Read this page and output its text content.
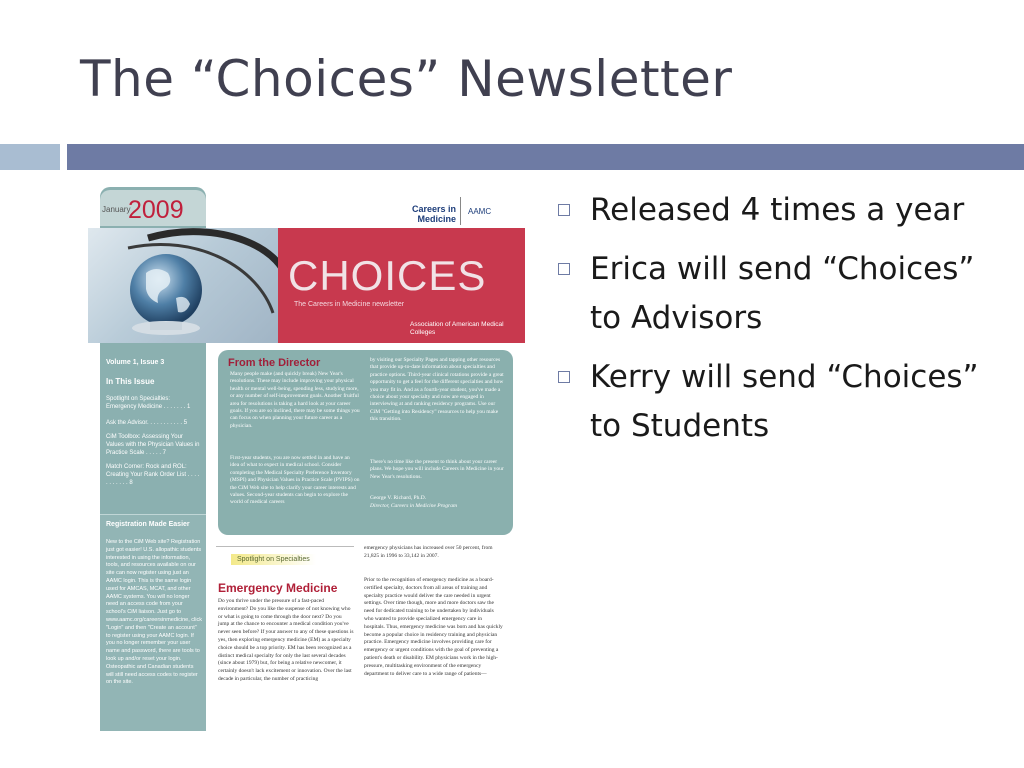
The “Choices” Newsletter
January
2009	Careers in Medicine
AAMC
CHOICES
The Careers in Medicine newsletter
Association of American Medical Colleges
Volume 1, Issue 3
In This Issue
Spotlight on Specialties: Emergency Medicine . . . . . . . 1
Ask the Advisor. . . . . . . . . . . 5
CiM Toolbox: Assessing Your Values with the Physician Values in Practice Scale . . . . . 7
Match Corner: Rock and ROL: Creating Your Rank Order List . . . . . . . . . . . 8
Registration Made Easier
New to the CiM Web site? Registration just got easier! U.S. allopathic students interested in using the information, tools, and resources available on our site can now register using just an AAMC login. This is the same login used for AMCAS, MCAT, and other AAMC systems. You will no longer need an access code from your school's CiM liaison. Just go to www.aamc.org/careersinmedicine, click "Login" and then "Create an account" to register using your AAMC login. If you no longer remember your user name and password, there are tools to look up and/or reset your login. Osteopathic and Canadian students will still need access codes to register on the site.
From the Director
Many people make (and quickly break) New Year's resolutions. These may include improving your physical health or mental well-being, spending less, studying more, or any number of self-improvement goals. Another fruitful area for resolutions is taking a hard look at your career goals. If you are so inclined, there may be some things you can focus on when planning your future career as a physician.
First-year students, you are now settled in and have an idea of what to expect in medical school. Consider completing the Medical Specialty Preference Inventory (MSPI) and Physician Values in Practice Scale (PVIPS) on the CiM Web site to help clarify your career interests and values. Second-year students can begin to explore the world of medical careers
by visiting our Specialty Pages and tapping other resources that provide up-to-date information about specialties and practice options. Third-year clinical rotations provide a great opportunity to get a feel for the different specialties and how you may fit in. And as a fourth-year student, you've made a choice about your specialty and now are engaged in interviewing at and ranking residency programs. Use our CiM "Getting into Residency" resources to help you make this transition.
There's no time like the present to think about your career plans. We hope you will include Careers in Medicine in your New Year's resolutions.
George V. Richard, Ph.D.
Director, Careers in Medicine Program
Spotlight on Specialties
Emergency Medicine
Do you thrive under the pressure of a fast-paced environment? Do you like the suspense of not knowing who or what is going to come through the door next? Do you jump at the chance to encounter a medical condition you've never seen before? If your answer to any of these questions is yes, then exploring emergency medicine (EM) as a specialty choice should be a top priority. EM has been recognized as a distinct medical specialty for only the last several decades (since about 1979) but, for being a relative newcomer, it certainly doesn't lack excitement or innovation. Over the last decade in particular, the number of practicing
emergency physicians has increased over 50 percent, from 21,825 in 1996 to 33,142 in 2007.
Prior to the recognition of emergency medicine as a board-certified specialty, doctors from all areas of training and specialty practice would deliver the care needed in urgent settings. Over time though, more and more doctors saw the need for dedicated training to be undertaken by individuals who wanted to provide specialized emergency care in hospitals. Thus, emergency medicine was born and has quickly become a popular choice in residency training and physician practice. Emergency medicine involves providing care for emergency or urgent conditions with the goal of preventing a patient's death or disability. EM physicians work in the high-pressure, multitasking environment of the emergency department to deliver care to a wide range of patients—
Released 4 times a year
Erica will send “Choices” to Advisors
Kerry will send “Choices” to Students
